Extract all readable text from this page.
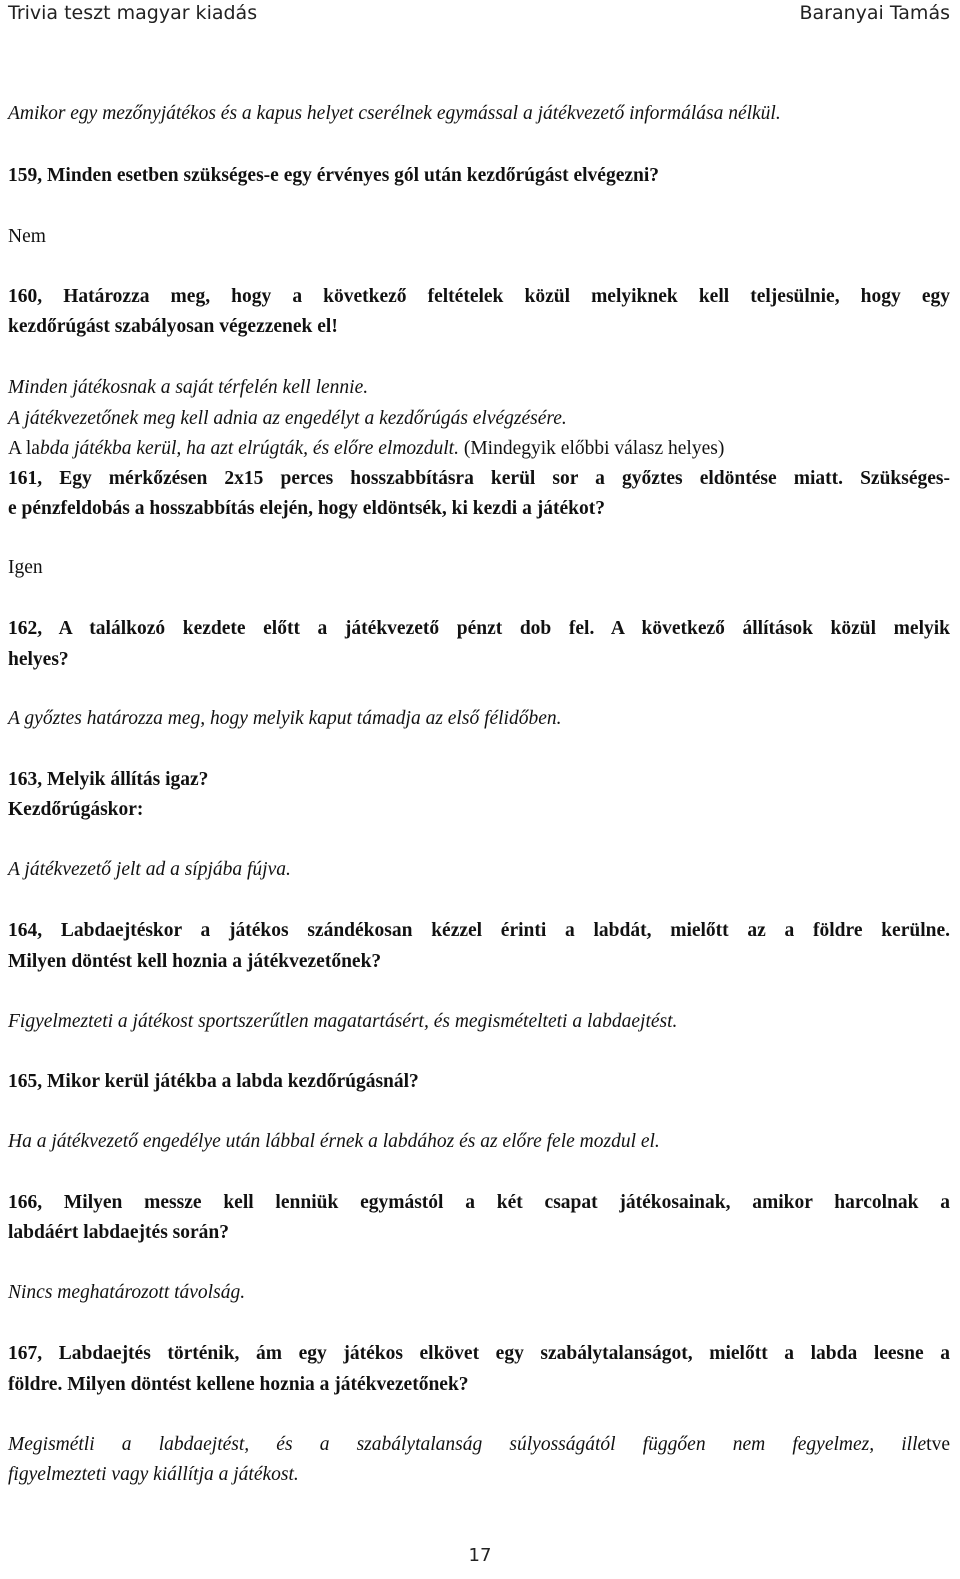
Trivia teszt magyar kiadás	Baranyai Tamás
Amikor egy mezőnyjátékos és a kapus helyet cserélnek egymással a játékvezető informálása nélkül.
159, Minden esetben szükséges-e egy érvényes gól után kezdőrúgást elvégezni?
Nem
160, Határozza meg, hogy a következő feltételek közül melyiknek kell teljesülnie, hogy egy
kezdőrúgást szabályosan végezzenek el!
Minden játékosnak a saját térfelén kell lennie.
A játékvezetőnek meg kell adnia az engedélyt a kezdőrúgás elvégzésére.
A labda játékba kerül, ha azt elrúgták, és előre elmozdult. (Mindegyik előbbi válasz helyes)
161, Egy mérkőzésen 2x15 perces hosszabbításra kerül sor a győztes eldöntése miatt. Szükséges-
e pénzfeldobás a hosszabbítás elején, hogy eldöntsék, ki kezdi a játékot?
Igen
162, A találkozó kezdete előtt a játékvezető pénzt dob fel. A következő állítások közül melyik
helyes?
A győztes határozza meg, hogy melyik kaput támadja az első félidőben.
163, Melyik állítás igaz?
Kezdőrúgáskor:
A játékvezető jelt ad a sípjába fújva.
164, Labdaejtéskor a játékos szándékosan kézzel érinti a labdát, mielőtt az a földre kerülne.
Milyen döntést kell hoznia a játékvezetőnek?
Figyelmezteti a játékost sportszerűtlen magatartásért, és megismételteti a labdaejtést.
165, Mikor kerül játékba a labda kezdőrúgásnál?
Ha a játékvezető engedélye után lábbal érnek a labdához és az előre fele mozdul el.
166, Milyen messze kell lenniük egymástól a két csapat játékosainak, amikor harcolnak a
labdáért labdaejtés során?
Nincs meghatározott távolság.
167, Labdaejtés történik, ám egy játékos elkövet egy szabálytalanságot, mielőtt a labda leesne a
földre. Milyen döntést kellene hoznia a játékvezetőnek?
Megismétli a labdaejtést, és a szabálytalanság súlyosságától függően nem fegyelmez, illetve
figyelmezteti vagy kiállítja a játékost.
17
